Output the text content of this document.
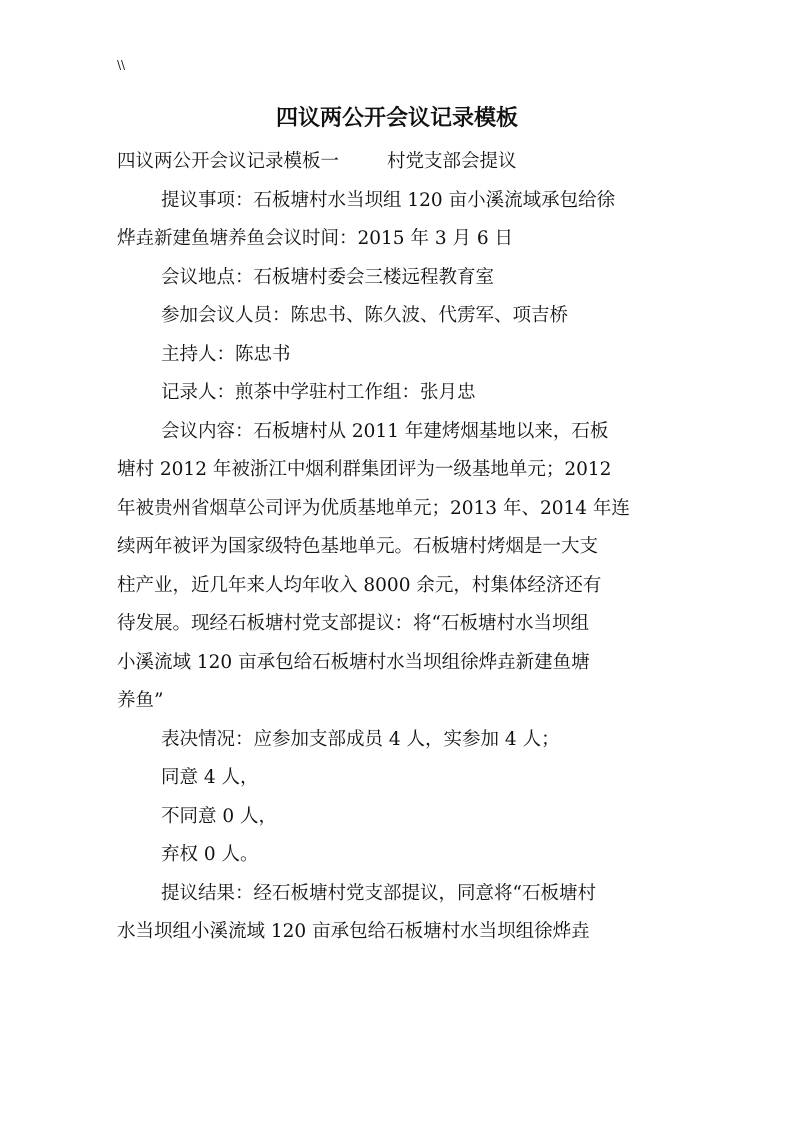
\\
四议两公开会议记录模板
四议两公开会议记录模板一	村党支部会提议
提议事项：石板塘村水当坝组 120 亩小溪流域承包给徐
烨垚新建鱼塘养鱼会议时间：2015 年 3 月 6 日
会议地点：石板塘村委会三楼远程教育室
参加会议人员：陈忠书、陈久波、代雳军、项吉桥
主持人：陈忠书
记录人：煎茶中学驻村工作组：张月忠
会议内容：石板塘村从 2011 年建烤烟基地以来，石板
塘村 2012 年被浙江中烟利群集团评为一级基地单元；2012
年被贵州省烟草公司评为优质基地单元；2013 年、2014 年连
续两年被评为国家级特色基地单元。石板塘村烤烟是一大支
柱产业，近几年来人均年收入 8000 余元，村集体经济还有
待发展。现经石板塘村党支部提议：将“石板塘村水当坝组
小溪流域 120 亩承包给石板塘村水当坝组徐烨垚新建鱼塘
养鱼”
表决情况：应参加支部成员 4 人，实参加 4 人；
同意 4 人，
不同意 0 人，
弃权 0 人。
提议结果：经石板塘村党支部提议，同意将“石板塘村
水当坝组小溪流域 120 亩承包给石板塘村水当坝组徐烨垚
